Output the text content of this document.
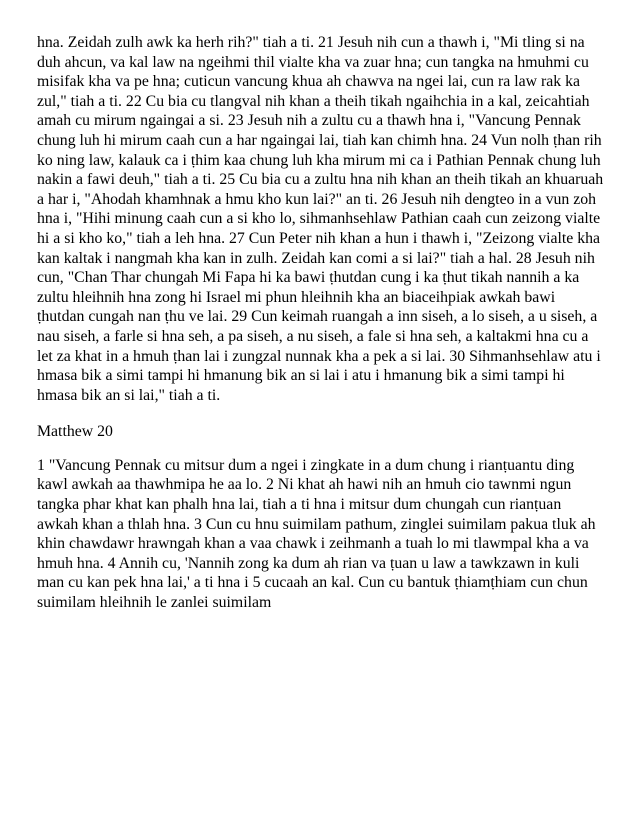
hna. Zeidah zulh awk ka herh rih?" tiah a ti. 21 Jesuh nih cun a thawh i, "Mi tling si na duh ahcun, va kal law na ngeihmi thil vialte kha va zuar hna; cun tangka na hmuhmi cu misifak kha va pe hna; cuticun vancung khua ah chawva na ngei lai, cun ra law rak ka zul," tiah a ti. 22 Cu bia cu tlangval nih khan a theih tikah ngaihchia in a kal, zeicahtiah amah cu mirum ngaingai a si. 23 Jesuh nih a zultu cu a thawh hna i, "Vancung Pennak chung luh hi mirum caah cun a har ngaingai lai, tiah kan chimh hna. 24 Vun nolh ṭhan rih ko ning law, kalauk ca i ṭhim kaa chung luh kha mirum mi ca i Pathian Pennak chung luh nakin a fawi deuh," tiah a ti. 25 Cu bia cu a zultu hna nih khan an theih tikah an khuaruah a har i, "Ahodah khamhnak a hmu kho kun lai?" an ti. 26 Jesuh nih dengteo in a vun zoh hna i, "Hihi minung caah cun a si kho lo, sihmanhsehlaw Pathian caah cun zeizong vialte hi a si kho ko," tiah a leh hna. 27 Cun Peter nih khan a hun i thawh i, "Zeizong vialte kha kan kaltak i nangmah kha kan in zulh. Zeidah kan comi a si lai?" tiah a hal. 28 Jesuh nih cun, "Chan Thar chungah Mi Fapa hi ka bawi ṭhutdan cung i ka ṭhut tikah nannih a ka zultu hleihnih hna zong hi Israel mi phun hleihnih kha an biaceihpiak awkah bawi ṭhutdan cungah nan ṭhu ve lai. 29 Cun keimah ruangah a inn siseh, a lo siseh, a u siseh, a nau siseh, a farle si hna seh, a pa siseh, a nu siseh, a fale si hna seh, a kaltakmi hna cu a let za khat in a hmuh ṭhan lai i zungzal nunnak kha a pek a si lai. 30 Sihmanhsehlaw atu i hmasa bik a simi tampi hi hmanung bik an si lai i atu i hmanung bik a simi tampi hi hmasa bik an si lai," tiah a ti.

Matthew 20

1 "Vancung Pennak cu mitsur dum a ngei i zingkate in a dum chung i rianṭuantu ding kawl awkah aa thawhmipa he aa lo. 2 Ni khat ah hawi nih an hmuh cio tawnmi ngun tangka phar khat kan phalh hna lai, tiah a ti hna i mitsur dum chungah cun rianṭuan awkah khan a thlah hna. 3 Cun cu hnu suimilam pathum, zinglei suimilam pakua tluk ah khin chawdawr hrawngah khan a vaa chawk i zeihmanh a tuah lo mi tlawmpal kha a va hmuh hna. 4 Annih cu, 'Nannih zong ka dum ah rian va ṭuan u law a tawkzawn in kuli man cu kan pek hna lai,' a ti hna i 5 cucaah an kal. Cun cu bantuk ṭhiamṭhiam cun chun suimilam hleihnih le zanlei suimilam
